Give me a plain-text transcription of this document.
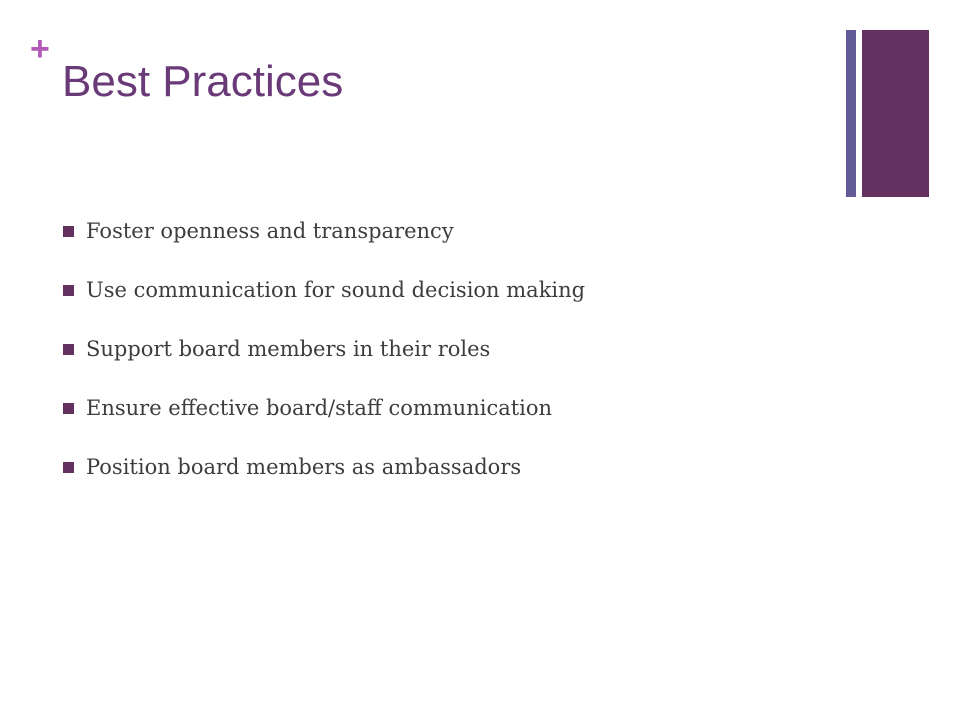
+
Best Practices
Foster openness and transparency
Use communication for sound decision making
Support board members in their roles
Ensure effective board/staff communication
Position board members as ambassadors
